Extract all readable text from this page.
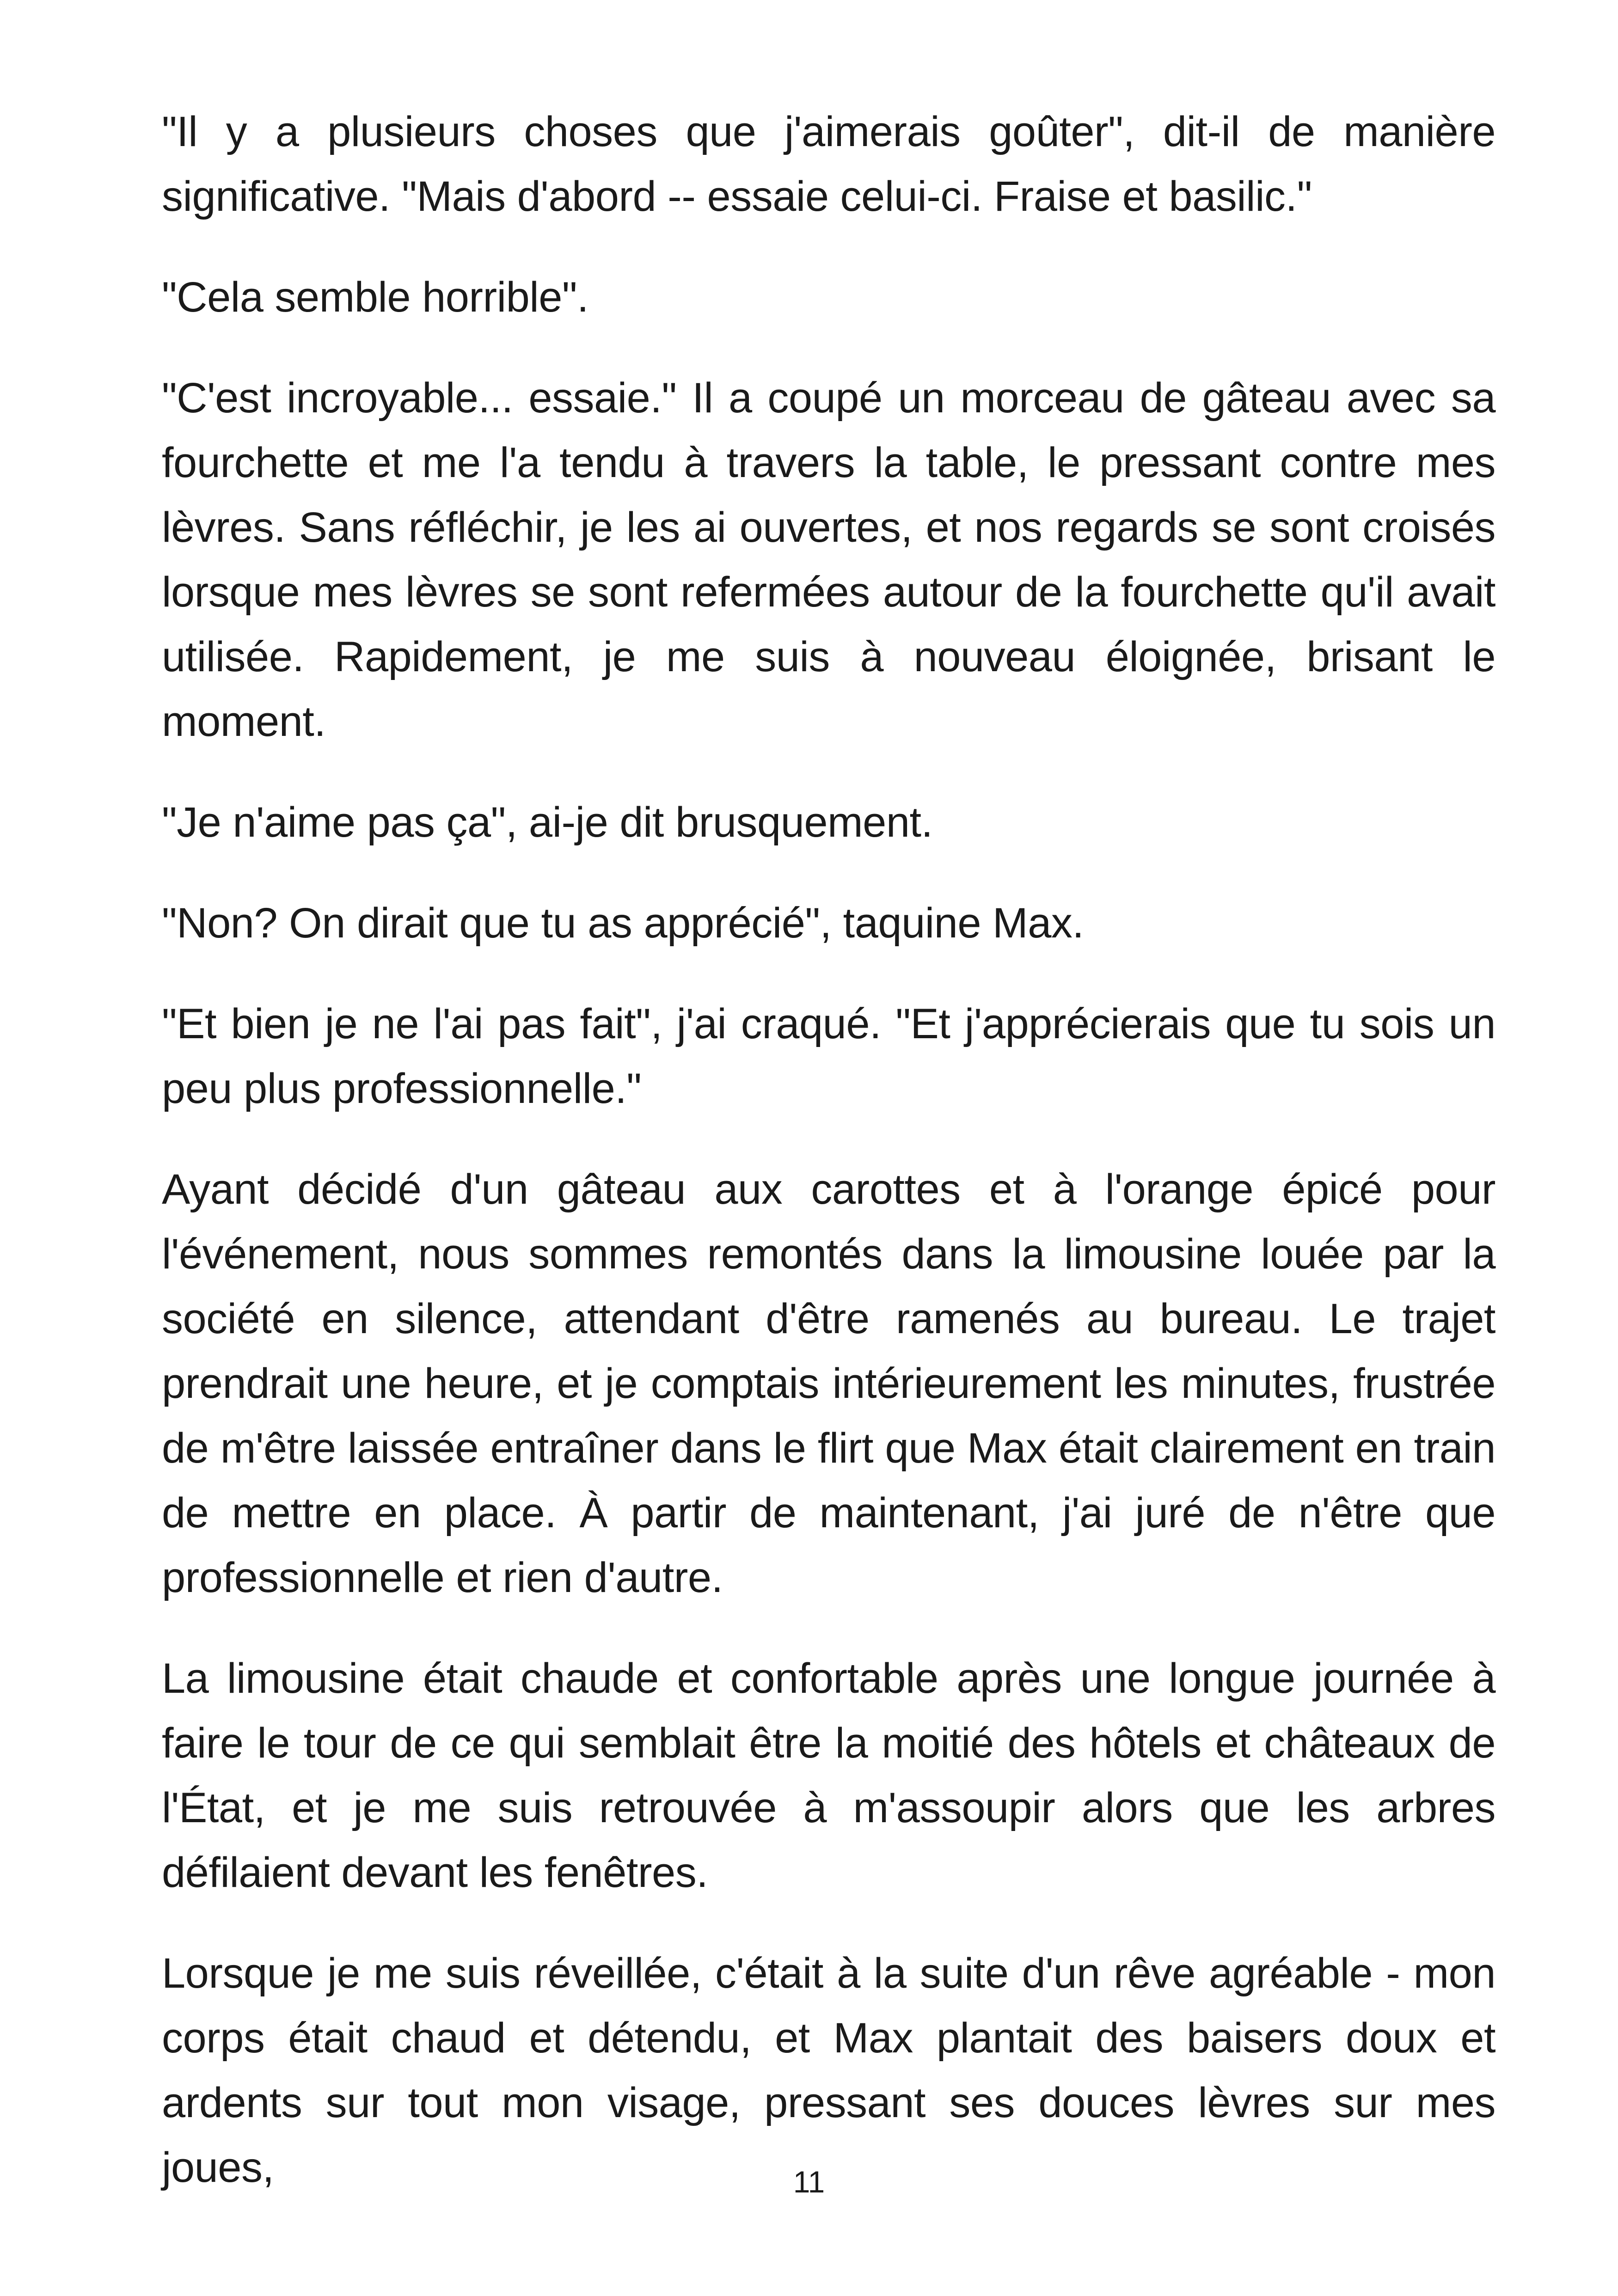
"Il y a plusieurs choses que j'aimerais goûter", dit-il de manière significative. "Mais d'abord -- essaie celui-ci. Fraise et basilic."

"Cela semble horrible".

"C'est incroyable... essaie." Il a coupé un morceau de gâteau avec sa fourchette et me l'a tendu à travers la table, le pressant contre mes lèvres. Sans réfléchir, je les ai ouvertes, et nos regards se sont croisés lorsque mes lèvres se sont refermées autour de la fourchette qu'il avait utilisée. Rapidement, je me suis à nouveau éloignée, brisant le moment.

"Je n'aime pas ça", ai-je dit brusquement.

"Non? On dirait que tu as apprécié", taquine Max.

"Et bien je ne l'ai pas fait", j'ai craqué. "Et j'apprécierais que tu sois un peu plus professionnelle."

Ayant décidé d'un gâteau aux carottes et à l'orange épicé pour l'événement, nous sommes remontés dans la limousine louée par la société en silence, attendant d'être ramenés au bureau. Le trajet prendrait une heure, et je comptais intérieurement les minutes, frustrée de m'être laissée entraîner dans le flirt que Max était clairement en train de mettre en place. À partir de maintenant, j'ai juré de n'être que professionnelle et rien d'autre.

La limousine était chaude et confortable après une longue journée à faire le tour de ce qui semblait être la moitié des hôtels et châteaux de l'État, et je me suis retrouvée à m'assoupir alors que les arbres défilaient devant les fenêtres.

Lorsque je me suis réveillée, c'était à la suite d'un rêve agréable - mon corps était chaud et détendu, et Max plantait des baisers doux et ardents sur tout mon visage, pressant ses douces lèvres sur mes joues,	11
